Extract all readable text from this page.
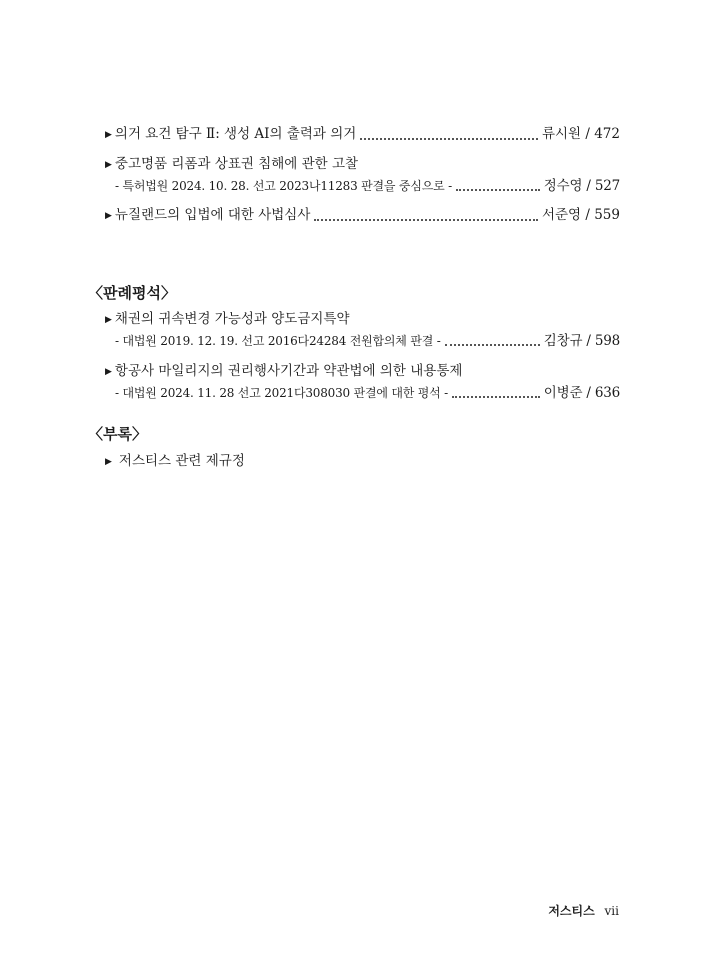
▶ 의거 요건 탐구 Ⅱ: 생성 AI의 출력과 의거	류시원 / 472
▶ 중고명품 리폼과 상표권 침해에 관한 고찰
- 특허법원 2024. 10. 28. 선고 2023나11283 판결을 중심으로 -	정수영 / 527
▶ 뉴질랜드의 입법에 대한 사법심사	서준영 / 559
〈판례평석〉
▶ 채권의 귀속변경 가능성과 양도금지특약
- 대법원 2019. 12. 19. 선고 2016다24284 전원합의체 판결 -	김창규 / 598
▶ 항공사 마일리지의 권리행사기간과 약관법에 의한 내용통제
- 대법원 2024. 11. 28 선고 2021다308030 판결에 대한 평석 -	이병준 / 636
〈부록〉
▶ 저스티스 관련 제규정
저스티스 vii
